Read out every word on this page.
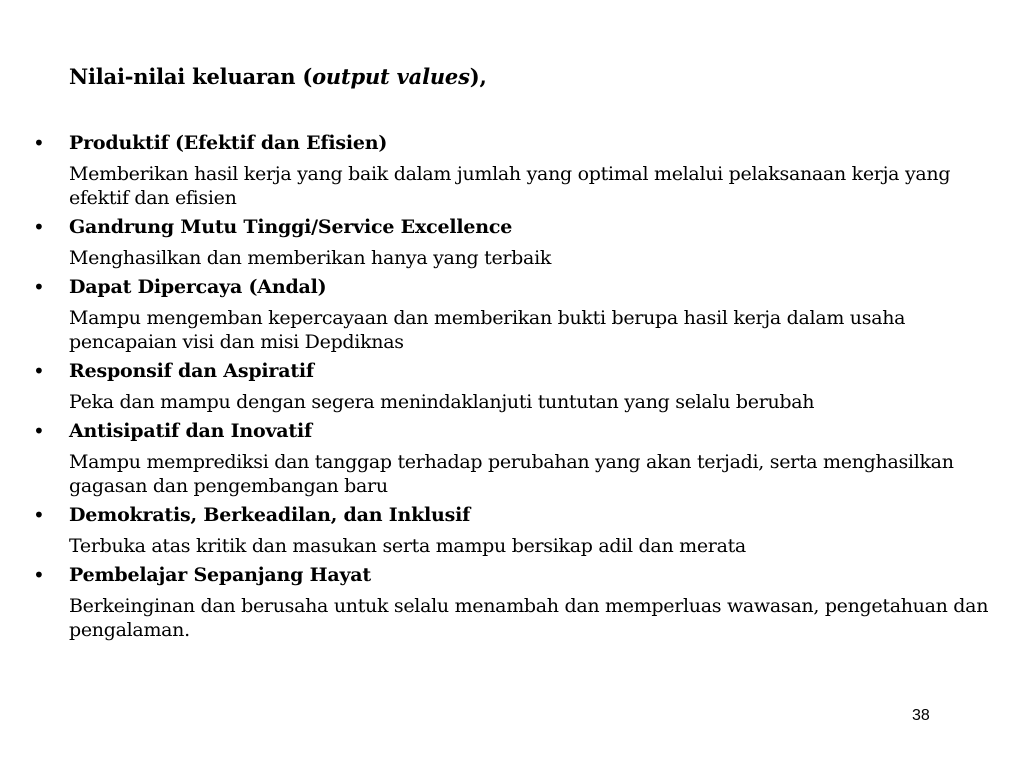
Nilai-nilai keluaran (output values),
• Produktif (Efektif dan Efisien)
Memberikan hasil kerja yang baik dalam jumlah yang optimal melalui pelaksanaan kerja yang efektif dan efisien
• Gandrung Mutu Tinggi/Service Excellence
Menghasilkan dan memberikan hanya yang terbaik
• Dapat Dipercaya (Andal)
Mampu mengemban kepercayaan dan memberikan bukti berupa hasil kerja dalam usaha pencapaian visi dan misi Depdiknas
• Responsif dan Aspiratif
Peka dan mampu dengan segera menindaklanjuti tuntutan yang selalu berubah
• Antisipatif dan Inovatif
Mampu memprediksi dan tanggap terhadap perubahan yang akan terjadi, serta menghasilkan gagasan dan pengembangan baru
• Demokratis, Berkeadilan, dan Inklusif
Terbuka atas kritik dan masukan serta mampu bersikap adil dan merata
• Pembelajar Sepanjang Hayat
Berkeinginan dan berusaha untuk selalu menambah dan memperluas wawasan, pengetahuan dan pengalaman.
38
